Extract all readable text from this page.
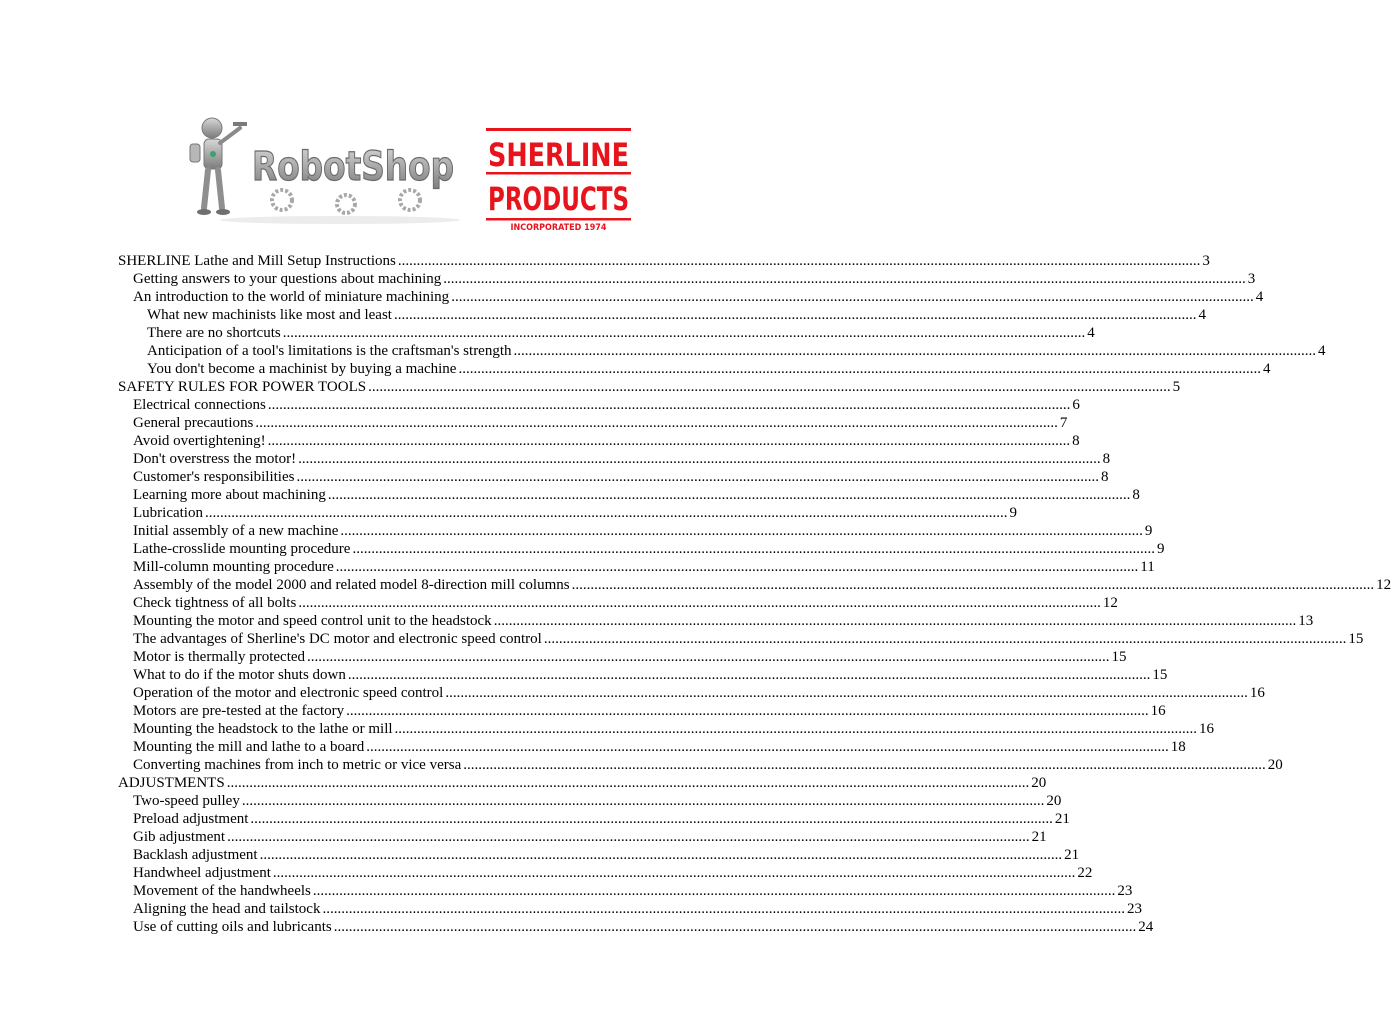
RobotShop SHERLINE
PRODUCTS
INCORPORATED 1974
SHERLINE Lathe and Mill Setup Instructions .....	3
Getting answers to your questions about machining .....	3
An introduction to the world of miniature machining .....	4
What new machinists like most and least .....	4
There are no shortcuts .....	4
Anticipation of a tool's limitations is the craftsman's strength .....	4
You don't become a machinist by buying a machine .....	4
SAFETY RULES FOR POWER TOOLS .....	5
Electrical connections .....	6
General precautions .....	7
Avoid overtightening! .....	8
Don't overstress the motor! .....	8
Customer's responsibilities .....	8
Learning more about machining .....	8
Lubrication .....	9
Initial assembly of a new machine .....	9
Lathe-crosslide mounting procedure .....	9
Mill-column mounting procedure .....	11
Assembly of the model 2000 and related model 8-direction mill columns .....	12
Check tightness of all bolts .....	12
Mounting the motor and speed control unit to the headstock .....	13
The advantages of Sherline's DC motor and electronic speed control .....	15
Motor is thermally protected .....	15
What to do if the motor shuts down .....	15
Operation of the motor and electronic speed control .....	16
Motors are pre-tested at the factory .....	16
Mounting the headstock to the lathe or mill .....	16
Mounting the mill and lathe to a board .....	18
Converting machines from inch to metric or vice versa .....	20
ADJUSTMENTS .....	20
Two-speed pulley .....	20
Preload adjustment .....	21
Gib adjustment .....	21
Backlash adjustment .....	21
Handwheel adjustment .....	22
Movement of the handwheels .....	23
Aligning the head and tailstock .....	23
Use of cutting oils and lubricants .....	24
